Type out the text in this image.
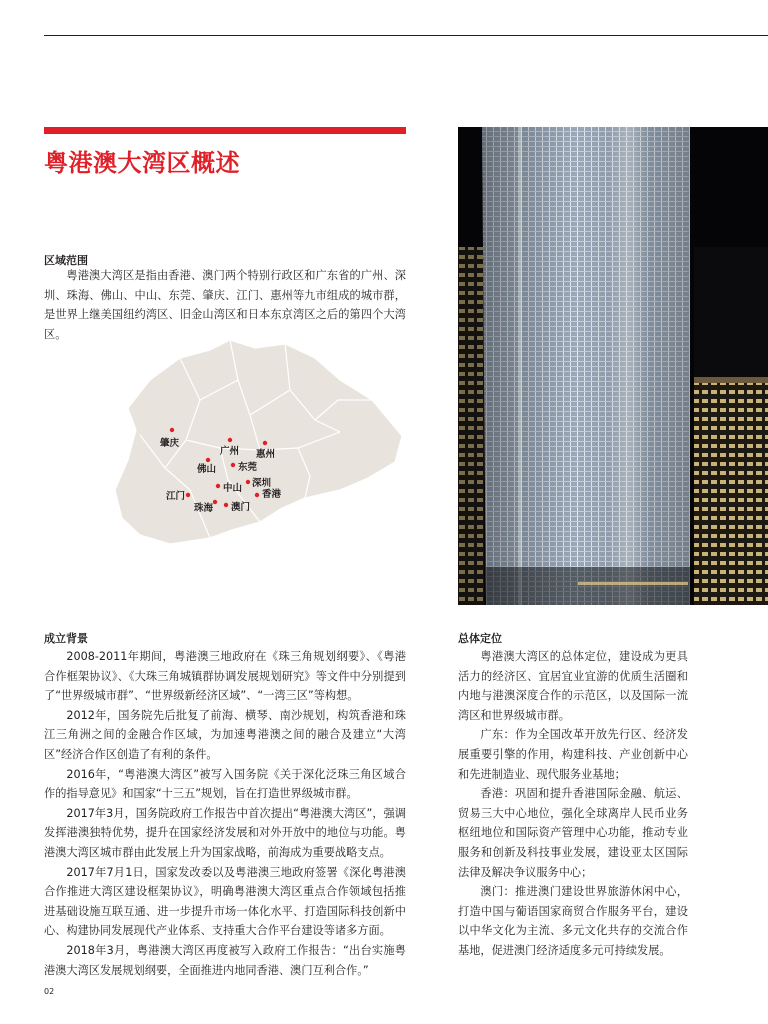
粤港澳大湾区概述
区域范围

粤港澳大湾区是指由香港、澳门两个特别行政区和广东省的广州、深圳、珠海、佛山、中山、东莞、肇庆、江门、惠州等九市组成的城市群，是世界上继美国纽约湾区、旧金山湾区和日本东京湾区之后的第四个大湾区。

肇庆
广州 惠州
佛山 东莞
深圳
中山
香港
江门
珠海 澳门
成立背景

2008-2011年期间，粤港澳三地政府在《珠三角规划纲要》、《粤港合作框架协议》、《大珠三角城镇群协调发展规划研究》等文件中分别提到了“世界级城市群”、“世界级新经济区域”、“一湾三区”等构想。

2012年，国务院先后批复了前海、横琴、南沙规划，构筑香港和珠江三角洲之间的金融合作区域，为加速粤港澳之间的融合及建立“大湾区”经济合作区创造了有利的条件。

2016年，“粤港澳大湾区”被写入国务院《关于深化泛珠三角区域合作的指导意见》和国家“十三五”规划，旨在打造世界级城市群。

2017年3月，国务院政府工作报告中首次提出“粤港澳大湾区”，强调发挥港澳独特优势，提升在国家经济发展和对外开放中的地位与功能。粤港澳大湾区城市群由此发展上升为国家战略，前海成为重要战略支点。

2017年7月1日，国家发改委以及粤港澳三地政府签署《深化粤港澳合作推进大湾区建设框架协议》，明确粤港澳大湾区重点合作领域包括推进基础设施互联互通、进一步提升市场一体化水平、打造国际科技创新中心、构建协同发展现代产业体系、支持重大合作平台建设等诸多方面。

2018年3月，粤港澳大湾区再度被写入政府工作报告：“出台实施粤港澳大湾区发展规划纲要，全面推进内地同香港、澳门互利合作。”

总体定位

粤港澳大湾区的总体定位，建设成为更具活力的经济区、宜居宜业宜游的优质生活圈和内地与港澳深度合作的示范区，以及国际一流湾区和世界级城市群。

广东：作为全国改革开放先行区、经济发展重要引擎的作用，构建科技、产业创新中心和先进制造业、现代服务业基地；

香港：巩固和提升香港国际金融、航运、贸易三大中心地位，强化全球离岸人民币业务枢纽地位和国际资产管理中心功能，推动专业服务和创新及科技事业发展，建设亚太区国际法律及解决争议服务中心；

澳门：推进澳门建设世界旅游休闲中心，打造中国与葡语国家商贸合作服务平台，建设以中华文化为主流、多元文化共存的交流合作基地，促进澳门经济适度多元可持续发展。

02
